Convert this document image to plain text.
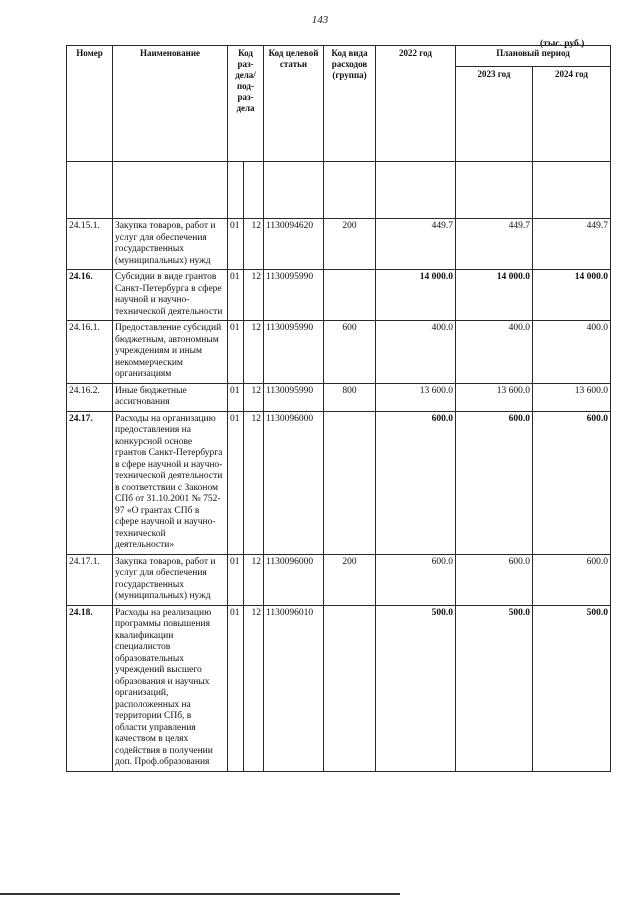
143
(тыс. руб.)
Номер	Наименование	Код раз-дела/ под-раз-дела		Код целевой статьи	Код вида расходов (группа)	2022 год	Плановый период	
							2023 год	2024 год

24.15.1.	Закупка товаров, работ и услуг для обеспечения государственных (муниципальных) нужд	01	12	1130094620	200	449.7	449.7	449.7
24.16.	Субсидии в виде грантов Санкт-Петербурга в сфере научной и научно-технической деятельности	01	12	1130095990		14 000.0	14 000.0	14 000.0
24.16.1.	Предоставление субсидий бюджетным, автономным учреждениям и иным некоммерческим организациям	01	12	1130095990	600	400.0	400.0	400.0
24.16.2.	Иные бюджетные ассигнования	01	12	1130095990	800	13 600.0	13 600.0	13 600.0
24.17.	Расходы на организацию предоставления на конкурсной основе грантов Санкт-Петербурга в сфере научной и научно-технической деятельности в соответствии с Законом СПб от 31.10.2001 № 752-97 «О грантах СПб в сфере научной и научно-технической деятельности»	01	12	1130096000		600.0	600.0	600.0
24.17.1.	Закупка товаров, работ и услуг для обеспечения государственных (муниципальных) нужд	01	12	1130096000	200	600.0	600.0	600.0
24.18.	Расходы на реализацию программы повышения квалификации специалистов образовательных учреждений высшего образования и научных организаций, расположенных на территории СПб, в области управления качеством в целях содействия в получении доп. Проф.образования	01	12	1130096010		500.0	500.0	500.0
